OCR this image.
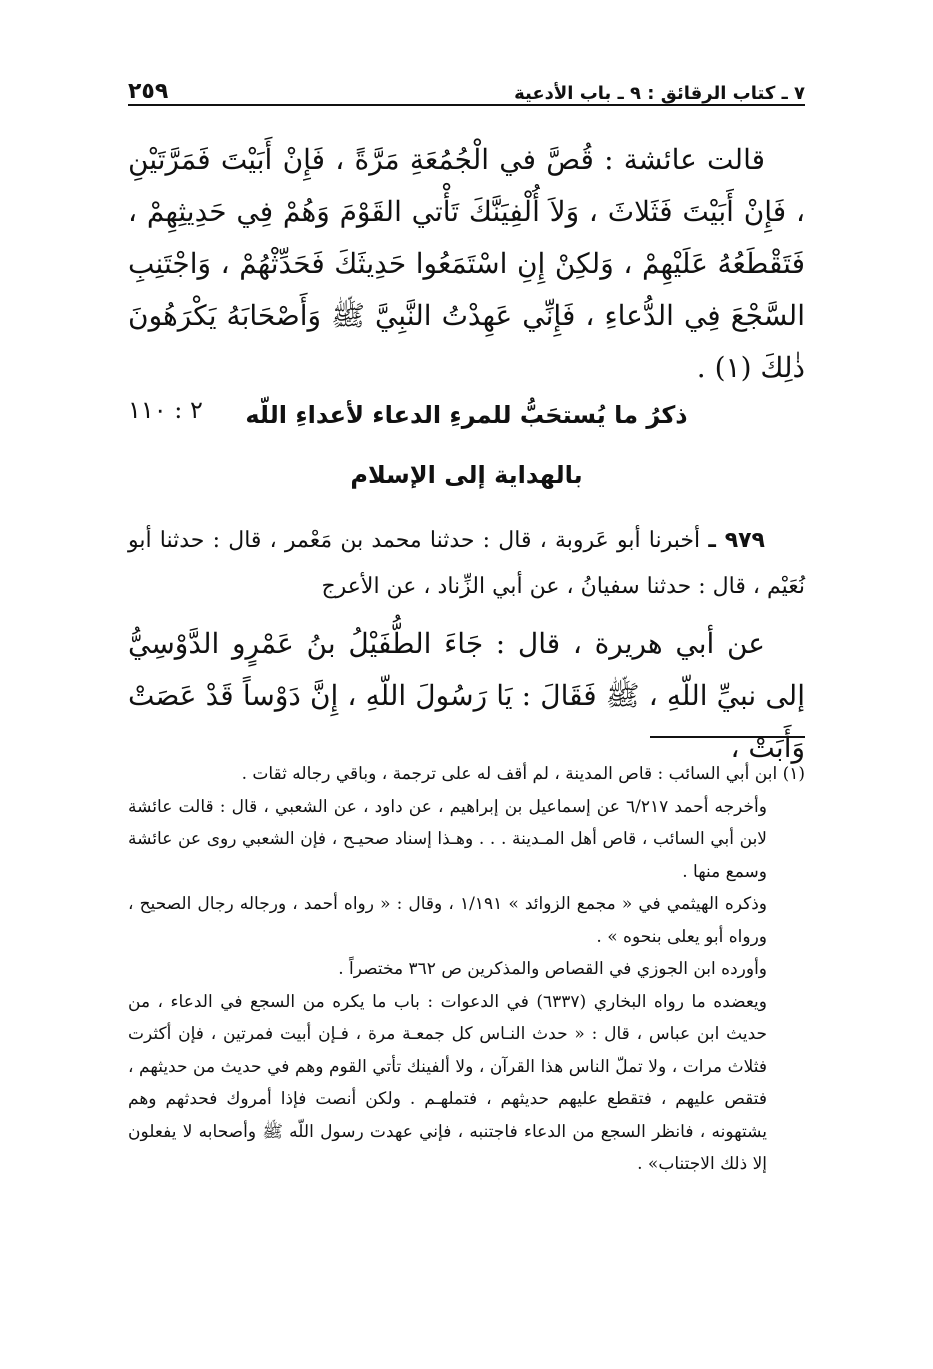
٧ ـ كتاب الرقائق : ٩ ـ باب الأدعية
٢٥٩

قالت عائشة : قُصَّ في الْجُمُعَةِ مَرَّةً ، فَإِنْ أَبَيْتَ فَمَرَّتَيْنِ ، فَإِنْ أَبَيْتَ فَثَلاثَ ، وَلاَ أُلْفِيَنَّكَ تَأْتي القَوْمَ وَهُمْ فِي حَدِيثِهِمْ ، فَتَقْطَعُهُ عَلَيْهِمْ ، وَلكِنْ إِنِ اسْتَمَعُوا حَدِيثَكَ فَحَدِّثْهُمْ ، وَاجْتَنِبِ السَّجْعَ فِي الدُّعاءِ ، فَإِنِّي عَهِدْتُ النَّبِيَّ ﷺ وَأَصْحَابَهُ يَكْرَهُونَ ذٰلِكَ (١) .

٢ : ١١٠	ذكرُ ما يُستحَبُّ للمرءِ الدعاء لأعداءِ اللّه

بالهداية إلى الإسلام

٩٧٩ ـ أخبرنا أبو عَروبة ، قال : حدثنا محمد بن مَعْمر ، قال : حدثنا أبو نُعَيْم ، قال : حدثنا سفيانُ ، عن أبي الزِّناد ، عن الأعرج

عن أبي هريرة ، قال : جَاءَ الطُّفَيْلُ بنُ عَمْرٍو الدَّوْسِيُّ إلى نبيِّ اللّهِ ، ﷺ فَقَالَ : يَا رَسُولَ اللّهِ ، إِنَّ دَوْساً قَدْ عَصَتْ وَأَبَتْ ،

(١) ابن أبي السائب : قاص المدينة ، لم أقف له على ترجمة ، وباقي رجاله ثقات .

وأخرجه أحمد ٦/٢١٧ عن إسماعيل بن إبراهيم ، عن داود ، عن الشعبي ، قال : قالت عائشة لابن أبي السائب ، قاص أهل المـدينة . . . وهـذا إسناد صحيـح ، فإن الشعبي روى عن عائشة وسمع منها .

وذكره الهيثمي في « مجمع الزوائد » ١/١٩١ ، وقال : « رواه أحمد ، ورجاله رجال الصحيح ، ورواه أبو يعلى بنحوه » .

وأورده ابن الجوزي في القصاص والمذكرين ص ٣٦٢ مختصراً .

ويعضده ما رواه البخاري (٦٣٣٧) في الدعوات : باب ما يكره من السجع في الدعاء ، من حديث ابن عباس ، قال : « حدث النـاس كل جمعـة مرة ، فـإن أبيت فمرتين ، فإن أكثرت فثلاث مرات ، ولا تملّ الناس هذا القرآن ، ولا ألفينك تأتي القوم وهم في حديث من حديثهم ، فتقص عليهم ، فتقطع عليهم حديثهم ، فتملهـم . ولكن أنصت فإذا أمروك فحدثهم وهم يشتهونه ، فانظر السجع من الدعاء فاجتنبه ، فإني عهدت رسول اللّه ﷺ وأصحابه لا يفعلون إلا ذلك الاجتناب» .
